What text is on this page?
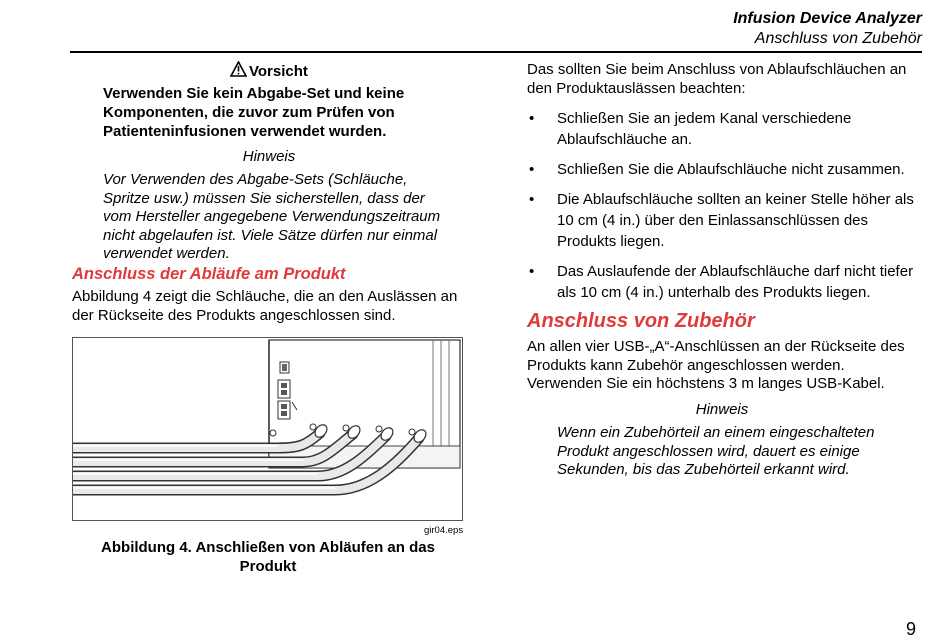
Infusion Device Analyzer
Anschluss von Zubehör
Vorsicht
Verwenden Sie kein Abgabe-Set und keine Komponenten, die zuvor zum Prüfen von Patienteninfusionen verwendet wurden.
Hinweis
Vor Verwenden des Abgabe-Sets (Schläuche, Spritze usw.) müssen Sie sicherstellen, dass der vom Hersteller angegebene Verwendungszeitraum nicht abgelaufen ist. Viele Sätze dürfen nur einmal verwendet werden.
Anschluss der Abläufe am Produkt
Abbildung 4 zeigt die Schläuche, die an den Auslässen an der Rückseite des Produkts angeschlossen sind.
gir04.eps
Abbildung 4. Anschließen von Abläufen an das Produkt
Das sollten Sie beim Anschluss von Ablaufschläuchen an den Produktauslässen beachten:
• Schließen Sie an jedem Kanal verschiedene Ablaufschläuche an.
• Schließen Sie die Ablaufschläuche nicht zusammen.
• Die Ablaufschläuche sollten an keiner Stelle höher als 10 cm (4 in.) über den Einlassanschlüssen des Produkts liegen.
• Das Auslaufende der Ablaufschläuche darf nicht tiefer als 10 cm (4 in.) unterhalb des Produkts liegen.
Anschluss von Zubehör
An allen vier USB-„A“-Anschlüssen an der Rückseite des Produkts kann Zubehör angeschlossen werden. Verwenden Sie ein höchstens 3 m langes USB-Kabel.
Hinweis
Wenn ein Zubehörteil an einem eingeschalteten Produkt angeschlossen wird, dauert es einige Sekunden, bis das Zubehörteil erkannt wird.
9
